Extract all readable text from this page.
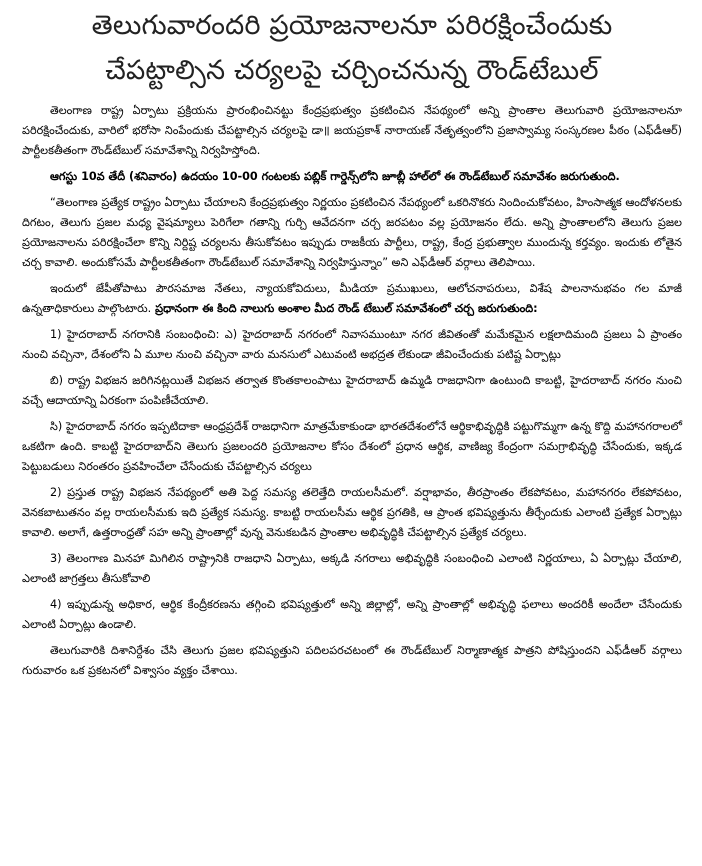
తెలుగువారందరి ప్రయోజనాలనూ పరిరక్షించేందుకు
చేపట్టాల్సిన చర్యలపై చర్చించనున్న రౌండ్‌టేబుల్

తెలంగాణ రాష్ట్ర ఏర్పాటు ప్రక్రియను ప్రారంభించినట్టు కేంద్రప్రభుత్వం ప్రకటించిన నేపథ్యంలో అన్ని ప్రాంతాల తెలుగువారి ప్రయోజనాలనూ పరిరక్షించేందుకు, వారిలో భరోసా నింపేందుకు చేపట్టాల్సిన చర్యలపై డా॥ జయప్రకాశ్ నారాయణ్ నేతృత్వంలోని ప్రజాస్వామ్య సంస్కరణల పీఠం (ఎఫ్‌డీఆర్) పార్టీలకతీతంగా రౌండ్‌టేబుల్ సమావేశాన్ని నిర్వహిస్తోంది.

ఆగస్టు 10వ తేదీ (శనివారం) ఉదయం 10-00 గంటలకు పబ్లిక్ గార్డెన్స్‌లోని జూబ్లీ హాల్‌లో ఈ రౌండ్‌టేబుల్ సమావేశం జరుగుతుంది.

“తెలంగాణ ప్రత్యేక రాష్ట్రం ఏర్పాటు చేయాలని కేంద్రప్రభుత్వం నిర్ణయం ప్రకటించిన నేపథ్యంలో ఒకరినొకరు నిందించుకోవటం, హింసాత్మక ఆందోళనలకు దిగటం, తెలుగు ప్రజల మధ్య వైషమ్యాలు పెరిగేలా గతాన్ని గుర్చి ఆవేదనగా చర్చ జరపటం వల్ల ప్రయోజనం లేదు. అన్ని ప్రాంతాలలోని తెలుగు ప్రజల ప్రయోజనాలను పరిరక్షించేలా కొన్ని నిర్దిష్ట చర్యలను తీసుకోవటం ఇప్పుడు రాజకీయ పార్టీలు, రాష్ట్ర, కేంద్ర ప్రభుత్వాల ముందున్న కర్తవ్యం. ఇందుకు లోతైన చర్చ కావాలి. అందుకోసమే పార్టీలకతీతంగా రౌండ్‌టేబుల్ సమావేశాన్ని నిర్వహిస్తున్నాం” అని ఎఫ్‌డీఆర్ వర్గాలు తెలిపాయి.

ఇందులో జేపీతోపాటు పౌరసమాజ నేతలు, న్యాయకోవిదులు, మీడియా ప్రముఖులు, ఆలోచనాపరులు, విశేష పాలనానుభవం గల మాజీ ఉన్నతాధికారులు పాల్గొంటారు. ప్రధానంగా ఈ కింది నాలుగు అంశాల మీద రౌండ్ టేబుల్ సమావేశంలో చర్చ జరుగుతుంది:

1) హైదరాబాద్ నగరానికి సంబంధించి: ఎ) హైదరాబాద్ నగరంలో నివాసముంటూ నగర జీవితంతో మమేకమైన లక్షలాదిమంది ప్రజలు ఏ ప్రాంతం నుంచి వచ్చినా, దేశంలోని ఏ మూల నుంచి వచ్చినా వారు మనసులో ఎటువంటి అభద్రత లేకుండా జీవించేందుకు పటిష్ట ఏర్పాట్లు

బి) రాష్ట్ర విభజన జరిగినట్లయితే విభజన తర్వాత కొంతకాలంపాటు హైదరాబాద్ ఉమ్మడి రాజధానిగా ఉంటుంది కాబట్టి, హైదరాబాద్ నగరం నుంచి వచ్చే ఆదాయాన్ని ఏరకంగా పంపిణీచేయాలి.

సి) హైదరాబాద్ నగరం ఇప్పటిదాకా ఆంధ్రప్రదేశ్ రాజధానిగా మాత్రమేకాకుండా భారతదేశంలోనే ఆర్థికాభివృద్ధికి పట్టుగొమ్మగా ఉన్న కొద్ది మహానగరాలలో ఒకటిగా ఉంది. కాబట్టి హైదరాబాద్‌ని తెలుగు ప్రజలందరి ప్రయోజనాల కోసం దేశంలో ప్రధాన ఆర్థిక, వాణిజ్య కేంద్రంగా సమగ్రాభివృద్ధి చేసేందుకు, ఇక్కడ పెట్టుబడులు నిరంతరం ప్రవహించేలా చేసేందుకు చేపట్టాల్సిన చర్యలు

2) ప్రస్తుత రాష్ట్ర విభజన నేపథ్యంలో అతి పెద్ద సమస్య తలెత్తేది రాయలసీమలో. వర్షాభావం, తీరప్రాంతం లేకపోవటం, మహానగరం లేకపోవటం, వెనకబాటుతనం వల్ల రాయలసీమకు ఇది ప్రత్యేక సమస్య. కాబట్టి రాయలసీమ ఆర్థిక ప్రగతికి, ఆ ప్రాంత భవిష్యత్తును తీర్చేందుకు ఎలాంటి ప్రత్యేక ఏర్పాట్లు కావాలి. అలాగే, ఉత్తరాంధ్రతో సహ అన్ని ప్రాంతాల్లో వున్న వెనుకబడిన ప్రాంతాల అభివృద్ధికి చేపట్టాల్సిన ప్రత్యేక చర్యలు.

3) తెలంగాణ మినహా మిగిలిన రాష్ట్రానికి రాజధాని ఏర్పాటు, అక్కడి నగరాలు అభివృద్ధికి సంబంధించి ఎలాంటి నిర్ణయాలు, ఏ ఏర్పాట్లు చేయాలి, ఎలాంటి జాగ్రత్తలు తీసుకోవాలి

4) ఇప్పుడున్న అధికార, ఆర్థిక కేంద్రీకరణను తగ్గించి భవిష్యత్తులో అన్ని జిల్లాల్లో, అన్ని ప్రాంతాల్లో అభివృద్ధి ఫలాలు అందరికీ అందేలా చేసేందుకు ఎలాంటి ఏర్పాట్లు ఉండాలి.

తెలుగువారికి దిశానిర్దేశం చేసి తెలుగు ప్రజల భవిష్యత్తుని పదిలపరచటంలో ఈ రౌండ్‌టేబుల్ నిర్మాణాత్మక పాత్రని పోషిస్తుందని ఎఫ్‌డీఆర్ వర్గాలు గురువారం ఒక ప్రకటనలో విశ్వాసం వ్యక్తం చేశాయి.
